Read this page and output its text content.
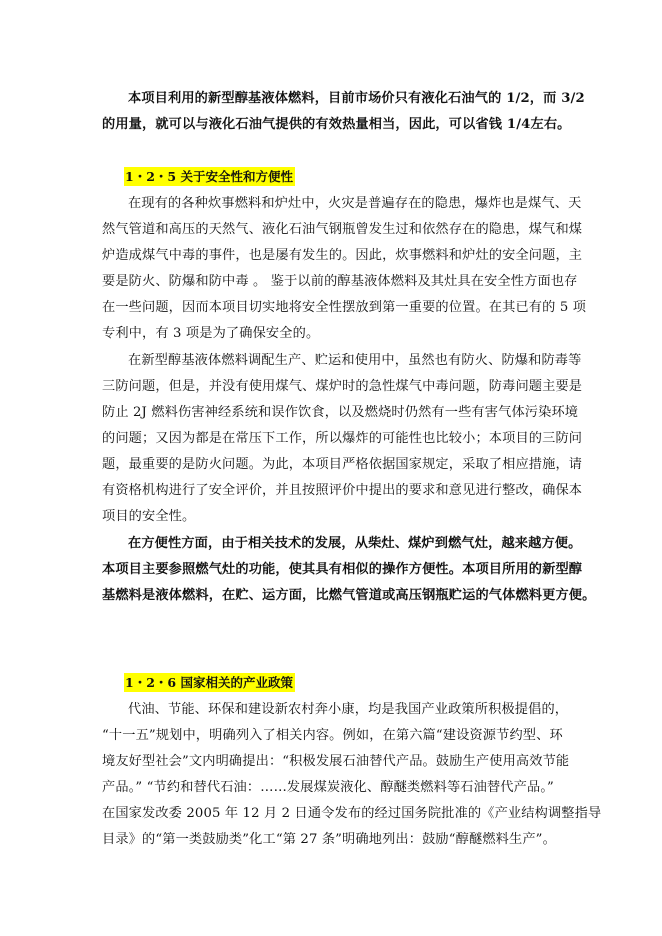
本项目利用的新型醇基液体燃料，目前市场价只有液化石油气的 1/2，而 3/2
的用量，就可以与液化石油气提供的有效热量相当，因此，可以省钱 1/4左右。
1・2・5 关于安全性和方便性
在现有的各种炊事燃料和炉灶中，火灾是普遍存在的隐患，爆炸也是煤气、天
然气管道和高压的天然气、液化石油气钢瓶曾发生过和依然存在的隐患，煤气和煤
炉造成煤气中毒的事件，也是屡有发生的。因此，炊事燃料和炉灶的安全问题，主
要是防火、防爆和防中毒 。 鉴于以前的醇基液体燃料及其灶具在安全性方面也存
在一些问题，因而本项目切实地将安全性摆放到第一重要的位置。在其已有的 5 项
专利中，有 3 项是为了确保安全的。
在新型醇基液体燃料调配生产、贮运和使用中，虽然也有防火、防爆和防毒等
三防问题，但是，并没有使用煤气、煤炉时的急性煤气中毒问题，防毒问题主要是
防止 2J 燃料伤害神经系统和误作饮食，以及燃烧时仍然有一些有害气体污染环境
的问题；又因为都是在常压下工作，所以爆炸的可能性也比较小；本项目的三防问
题，最重要的是防火问题。为此，本项目严格依据国家规定，采取了相应措施，请
有资格机构进行了安全评价，并且按照评价中提出的要求和意见进行整改，确保本
项目的安全性。
在方便性方面，由于相关技术的发展，从柴灶、煤炉到燃气灶，越来越方便。
本项目主要参照燃气灶的功能，使其具有相似的操作方便性。本项目所用的新型醇
基燃料是液体燃料，在贮、运方面，比燃气管道或高压钢瓶贮运的气体燃料更方便。
1・2・6 国家相关的产业政策
代油、节能、环保和建设新农村奔小康，均是我国产业政策所积极提倡的，
“十一五”规划中，明确列入了相关内容。例如，在第六篇“建设资源节约型、环
境友好型社会”文内明确提出：“积极发展石油替代产品。鼓励生产使用高效节能
产品。” “节约和替代石油：……发展煤炭液化、醇醚类燃料等石油替代产品。”
在国家发改委 2005 年 12 月 2 日通令发布的经过国务院批准的《产业结构调整指导
目录》的“第一类鼓励类”化工“第 27 条”明确地列出：鼓励“醇醚燃料生产”。
